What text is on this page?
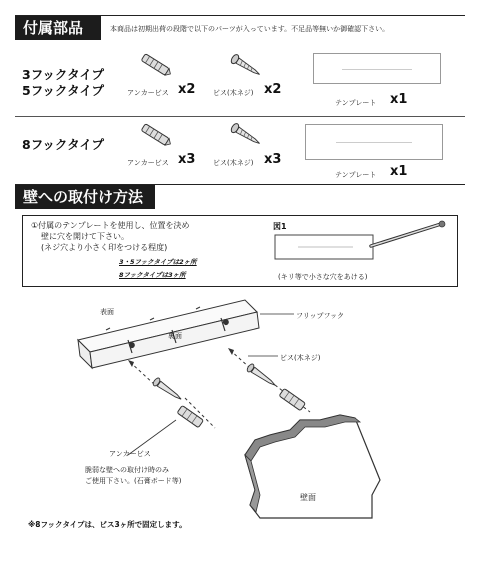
付属部品	本商品は初期出荷の段階で以下のパーツが入っています。不足品等無いか御確認下さい。
3フックタイプ
5フックタイプ	アンカービス x2	ビス(木ネジ) x2
テンプレート x1
8フックタイプ
アンカービス x3	ビス(木ネジ) x3
テンプレート x1
壁への取付け方法
①付属のテンプレートを使用し、位置を決め
壁に穴を開けて下さい。
(ネジ穴より小さく印をつける程度)
3・5フックタイプは2ヶ所
8フックタイプは3ヶ所
図1
(キリ等で小さな穴をあける)
表面
裏面
フリップフック
ビス(木ネジ)
アンカービス
脆弱な壁への取付け時のみ
ご使用下さい。(石膏ボード等)
壁面
※8フックタイプは、ビス3ヶ所で固定します。
